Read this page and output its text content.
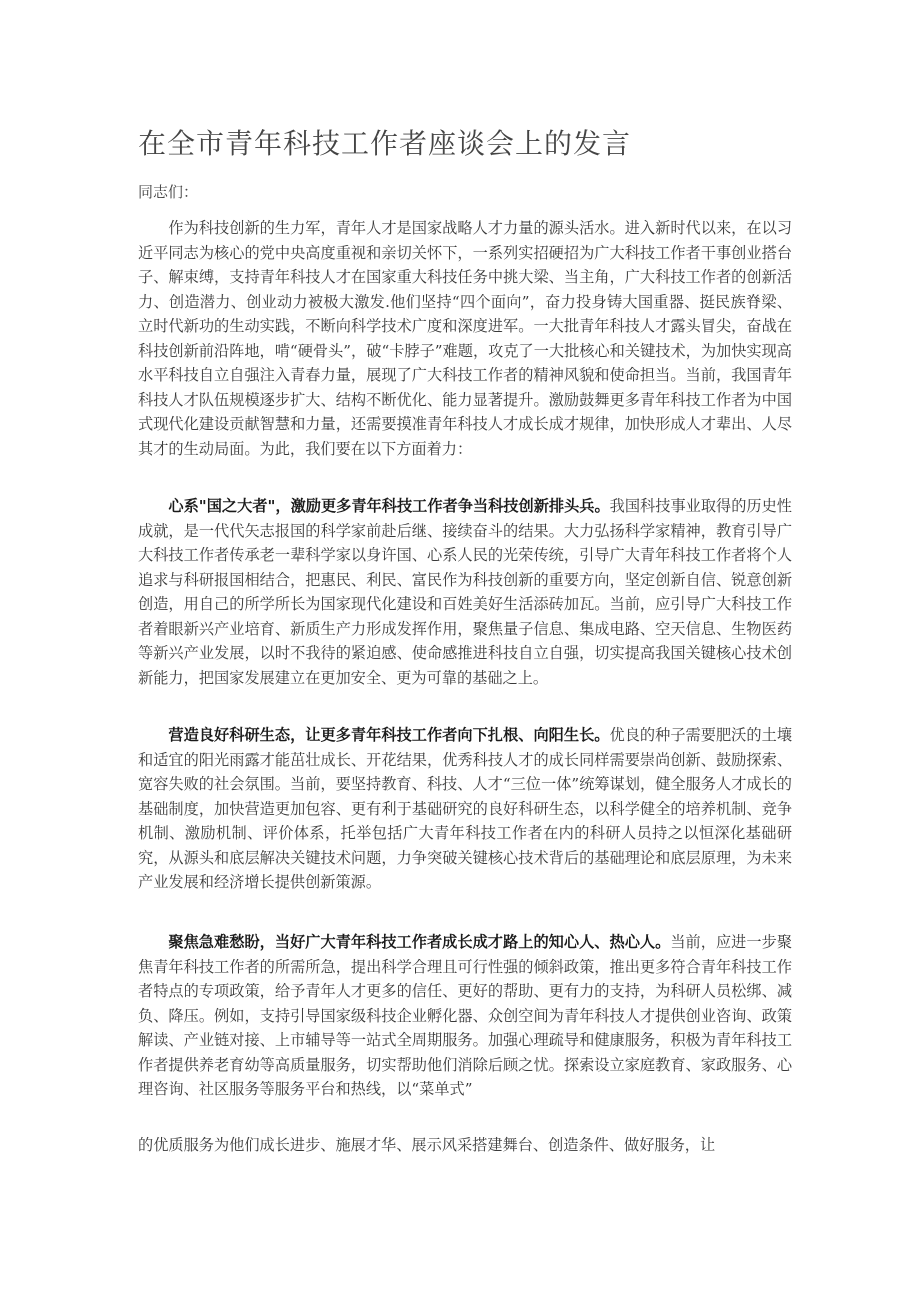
在全市青年科技工作者座谈会上的发言
同志们：

作为科技创新的生力军，青年人才是国家战略人才力量的源头活水。进入新时代以来，在以习近平同志为核心的党中央高度重视和亲切关怀下，一系列实招硬招为广大科技工作者干事创业搭台子、解束缚，支持青年科技人才在国家重大科技任务中挑大梁、当主角，广大科技工作者的创新活力、创造潜力、创业动力被极大激发.他们坚持“四个面向”，奋力投身铸大国重器、挺民族脊梁、立时代新功的生动实践，不断向科学技术广度和深度进军。一大批青年科技人才露头冒尖，奋战在科技创新前沿阵地，啃“硬骨头”，破“卡脖子”难题，攻克了一大批核心和关键技术，为加快实现高水平科技自立自强注入青春力量，展现了广大科技工作者的精神风貌和使命担当。当前，我国青年科技人才队伍规模逐步扩大、结构不断优化、能力显著提升。激励鼓舞更多青年科技工作者为中国式现代化建设贡献智慧和力量，还需要摸准青年科技人才成长成才规律，加快形成人才辈出、人尽其才的生动局面。为此，我们要在以下方面着力：

心系"国之大者"，激励更多青年科技工作者争当科技创新排头兵。我国科技事业取得的历史性成就，是一代代矢志报国的科学家前赴后继、接续奋斗的结果。大力弘扬科学家精神，教育引导广大科技工作者传承老一辈科学家以身许国、心系人民的光荣传统，引导广大青年科技工作者将个人追求与科研报国相结合，把惠民、利民、富民作为科技创新的重要方向，坚定创新自信、锐意创新创造，用自己的所学所长为国家现代化建设和百姓美好生活添砖加瓦。当前，应引导广大科技工作者着眼新兴产业培育、新质生产力形成发挥作用，聚焦量子信息、集成电路、空天信息、生物医药等新兴产业发展，以时不我待的紧迫感、使命感推进科技自立自强，切实提高我国关键核心技术创新能力，把国家发展建立在更加安全、更为可靠的基础之上。

营造良好科研生态，让更多青年科技工作者向下扎根、向阳生长。优良的种子需要肥沃的土壤和适宜的阳光雨露才能茁壮成长、开花结果，优秀科技人才的成长同样需要崇尚创新、鼓励探索、宽容失败的社会氛围。当前，要坚持教育、科技、人才“三位一体”统筹谋划，健全服务人才成长的基础制度，加快营造更加包容、更有利于基础研究的良好科研生态，以科学健全的培养机制、竞争机制、激励机制、评价体系，托举包括广大青年科技工作者在内的科研人员持之以恒深化基础研究，从源头和底层解决关键技术问题，力争突破关键核心技术背后的基础理论和底层原理，为未来产业发展和经济增长提供创新策源。

聚焦急难愁盼，当好广大青年科技工作者成长成才路上的知心人、热心人。当前，应进一步聚焦青年科技工作者的所需所急，提出科学合理且可行性强的倾斜政策，推出更多符合青年科技工作者特点的专项政策，给予青年人才更多的信任、更好的帮助、更有力的支持，为科研人员松绑、减负、降压。例如，支持引导国家级科技企业孵化器、众创空间为青年科技人才提供创业咨询、政策解读、产业链对接、上市辅导等一站式全周期服务。加强心理疏导和健康服务，积极为青年科技工作者提供养老育幼等高质量服务，切实帮助他们消除后顾之忧。探索设立家庭教育、家政服务、心理咨询、社区服务等服务平台和热线，以“菜单式”

的优质服务为他们成长进步、施展才华、展示风采搭建舞台、创造条件、做好服务，让
